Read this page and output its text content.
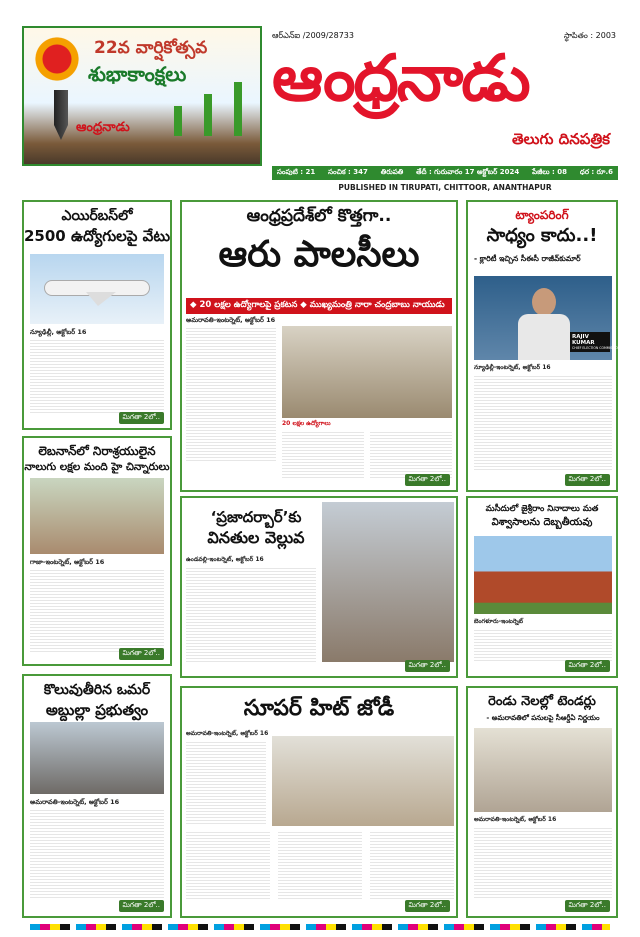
22వ వార్షికోత్సవ
శుభాకాంక్షలు
ఆంధ్రనాడు
ఆర్ఎన్ఐ /2009/28733	స్థాపితం : 2003
ఆంధ్రనాడు
తెలుగు దినపత్రిక
సంపుటి : 21 సంచిక : 347 తిరుపతి తేదీ : గురువారం 17 అక్టోబర్ 2024 పేజీలు : 08 ధర : రూ.6
PUBLISHED IN TIRUPATI, CHITTOOR, ANANTHAPUR
ఎయిర్‌బస్‌లో
2500 ఉద్యోగులపై వేటు
న్యూఢిల్లీ, అక్టోబర్ 16
మిగతా 2లో..
లెబనాన్‌లో నిరాశ్రయులైన
నాలుగు లక్షల మంది హై చిన్నారులు
గాజా-ఇంటర్నెట్, అక్టోబర్ 16
మిగతా 2లో..
కొలువుతీరిన ఒమర్
అబ్దుల్లా ప్రభుత్వం
అమరావతి-ఇంటర్నెట్, అక్టోబర్ 16
మిగతా 2లో..
ఆంధ్రప్రదేశ్‌లో కొత్తగా..
ఆరు పాలసీలు
◆ 20 లక్షల ఉద్యోగాలపై ప్రకటన ◆ ముఖ్యమంత్రి నారా చంద్రబాబు నాయుడు
అమరావతి-ఇంటర్నెట్, అక్టోబర్ 16
20 లక్షల ఉద్యోగాలు
మిగతా 2లో..
‘ప్రజాదర్బార్’కు
వినతుల వెల్లువ
ఉండవల్లి-ఇంటర్నెట్, అక్టోబర్ 16
మిగతా 2లో..
సూపర్ హిట్ జోడీ
అమరావతి-ఇంటర్నెట్, అక్టోబర్ 16
మిగతా 2లో..
ట్యాంపరింగ్
సాధ్యం కాదు..!
- క్లారిటీ ఇచ్చిన సీఈసీ రాజీవ్‌కుమార్
RAJIV KUMAR
CHIEF ELECTION COMMISSIONER
న్యూఢిల్లీ-ఇంటర్నెట్, అక్టోబర్ 16
మిగతా 2లో..
మసీదులో జైశ్రీరాం నినాదాలు మత
విశ్వాసాలను దెబ్బతీయవు
బెంగళూరు-ఇంటర్నెట్
మిగతా 2లో..
రెండు నెలల్లో టెండర్లు
- అమరావతిలో పనులపై సీఆర్డీఏ నిర్ణయం
అమరావతి-ఇంటర్నెట్, అక్టోబర్ 16
మిగతా 2లో..
